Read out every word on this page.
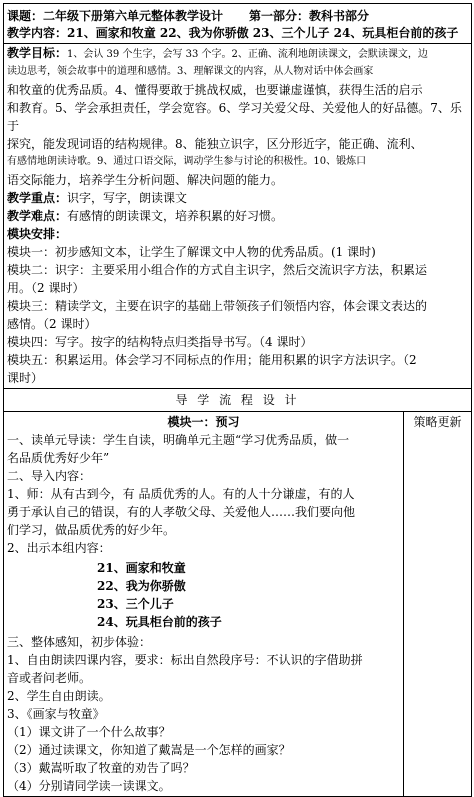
课题：二年级下册第六单元整体教学设计 第一部分：教科书部分
教学内容：21、画家和牧童 22、我为你骄傲 23、三个儿子 24、玩具柜台前的孩子

教学目标：1、会认 39 个生字，会写 33 个字。2、正确、流利地朗读课文，会默读课文，边
读边思考，领会故事中的道理和感情。3、理解课文的内容，从人物对话中体会画家
和牧童的优秀品质。4、懂得要敢于挑战权威，也要谦虚谨慎，获得生活的启示
和教育。5、学会承担责任，学会宽容。6、学习关爱父母、关爱他人的好品德。7、乐于
探究，能发现词语的结构规律。8、能独立识字，区分形近字，能正确、流利、
有感情地朗读诗歌。9、通过口语交际，调动学生参与讨论的积极性。10、锻炼口
语交际能力，培养学生分析问题、解决问题的能力。
教学重点：识字，写字，朗读课文
教学难点：有感情的朗读课文，培养积累的好习惯。
模块安排：
模块一：初步感知文本，让学生了解课文中人物的优秀品质。(1 课时)
模块二：识字：主要采用小组合作的方式自主识字，然后交流识字方法，积累运
用。（2 课时）
模块三：精读学文，主要在识字的基础上带领孩子们领悟内容，体会课文表达的
感情。（2 课时）
模块四：写字。按字的结构特点归类指导书写。（4 课时）
模块五：积累运用。体会学习不同标点的作用；能用积累的识字方法识字。（2
课时）

导 学 流 程 设 计

模块一：预习
一、读单元导读：学生自读，明确单元主题“学习优秀品质，做一
名品质优秀好少年”
二、导入内容：
1、师：从有古到今，有 品质优秀的人。有的人十分谦虚，有的人
勇于承认自己的错误，有的人孝敬父母、关爱他人……我们要向他
们学习，做品质优秀的好少年。
2、出示本组内容：
21、画家和牧童
22、我为你骄傲
23、三个儿子
24、玩具柜台前的孩子
三、整体感知，初步体验：
1、自由朗读四课内容，要求：标出自然段序号：不认识的字借助拼
音或者问老师。
2、学生自由朗读。
3、《画家与牧童》
（1）课文讲了一个什么故事？
（2）通过读课文，你知道了戴嵩是一个怎样的画家？
（3）戴嵩听取了牧童的劝告了吗？
（4）分别请同学读一读课文。
	策略更新
